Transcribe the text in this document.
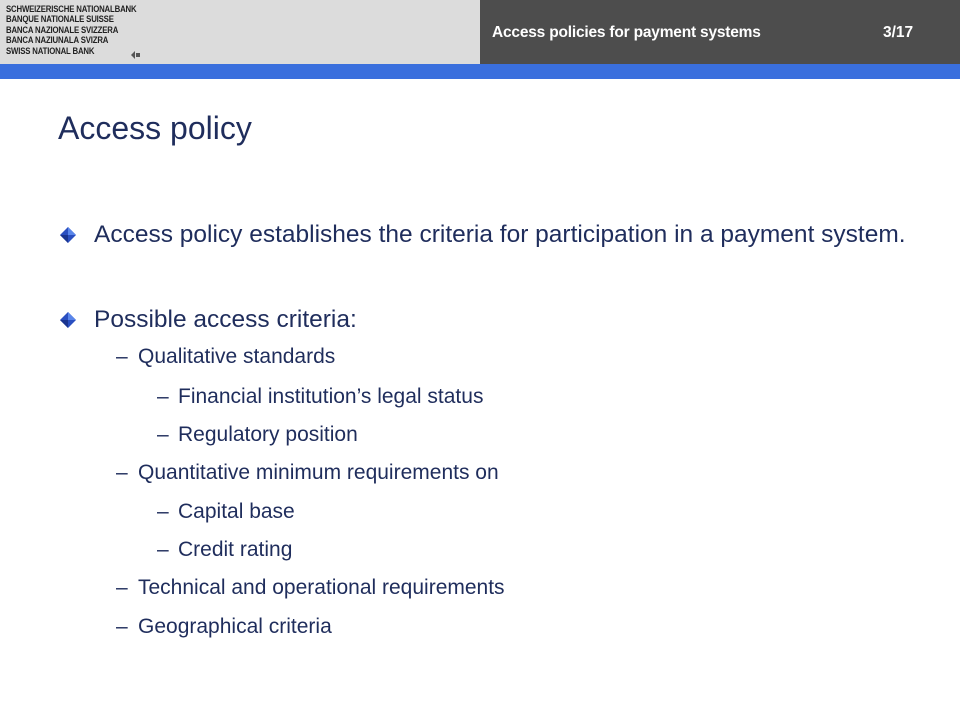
SCHWEIZERISCHE NATIONALBANK
BANQUE NATIONALE SUISSE
BANCA NAZIONALE SVIZZERA
BANCA NAZIUNALA SVIZRA
SWISS NATIONAL BANK
Access policies for payment systems	3/17
Access policy
Access policy establishes the criteria for participation in a payment system.
Possible access criteria:
– Qualitative standards
– Financial institution’s legal status
– Regulatory position
– Quantitative minimum requirements on
– Capital base
– Credit rating
– Technical and operational requirements
– Geographical criteria
